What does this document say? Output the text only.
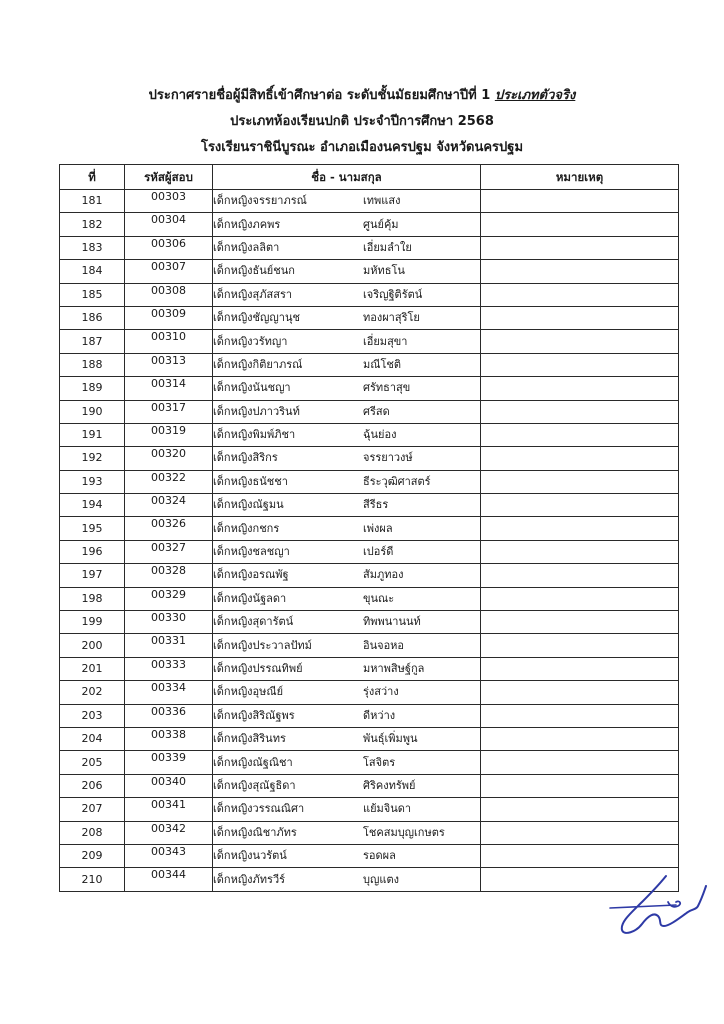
ประกาศรายชื่อผู้มีสิทธิ์เข้าศึกษาต่อ ระดับชั้นมัธยมศึกษาปีที่ 1 ประเภทตัวจริง
ประเภทห้องเรียนปกติ ประจำปีการศึกษา 2568
โรงเรียนราชินีบูรณะ อำเภอเมืองนครปฐม จังหวัดนครปฐม
ที่	รหัสผู้สอบ	ชื่อ - นามสกุล	หมายเหตุ
181	00303	เด็กหญิงจรรยาภรณ์ เทพแสง	
182	00304	เด็กหญิงภคพร ศูนย์คุ้ม	
183	00306	เด็กหญิงลลิตา เอี่ยมลำใย	
184	00307	เด็กหญิงธันย์ชนก มหัทธโน	
185	00308	เด็กหญิงสุภัสสรา เจริญฐิติรัตน์	
186	00309	เด็กหญิงชัญญานุช ทองผาสุริโย	
187	00310	เด็กหญิงวรัทญา เอี่ยมสุขา	
188	00313	เด็กหญิงกิติยาภรณ์ มณีโชติ	
189	00314	เด็กหญิงนันชญา ศรัทธาสุข	
190	00317	เด็กหญิงปภาวรินท์ ศรีสด	
191	00319	เด็กหญิงพิมพ์ภิชา ฉุ้นย่อง	
192	00320	เด็กหญิงสิริกร จรรยาวงษ์	
193	00322	เด็กหญิงธนัชชา ธีระวุฒิศาสตร์	
194	00324	เด็กหญิงณัฐมน สีรีธร	
195	00326	เด็กหญิงกชกร เพ่งผล	
196	00327	เด็กหญิงชลชญา เปอร์ดี	
197	00328	เด็กหญิงอรณพัฐ สัมภูทอง	
198	00329	เด็กหญิงนัฐลดา ขุนณะ	
199	00330	เด็กหญิงสุดารัตน์ ทิพพนานนท์	
200	00331	เด็กหญิงประวาลปัทม์ อินจอหอ	
201	00333	เด็กหญิงปรรณทิพย์ มหาพสิษฐ์กูล	
202	00334	เด็กหญิงอุษณีย์ รุ่งสว่าง	
203	00336	เด็กหญิงสิริณัฐพร ดีหว่าง	
204	00338	เด็กหญิงสิรินทร พันธุ์เพิ่มพูน	
205	00339	เด็กหญิงณัฐณิชา โสจิตร	
206	00340	เด็กหญิงสุณัฐธิดา ศิริคงทรัพย์	
207	00341	เด็กหญิงวรรณณิศา แย้มจินดา	
208	00342	เด็กหญิงณิชาภัทร โชคสมบุญเกษตร	
209	00343	เด็กหญิงนวรัตน์ รอดผล	
210	00344	เด็กหญิงภัทรวีร์ บุญแตง	
